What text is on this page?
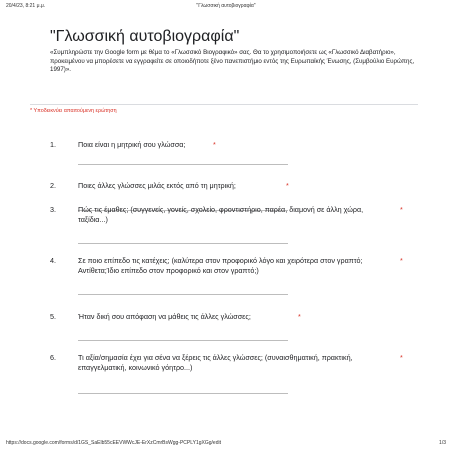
20/4/23, 8:21 μ.μ.	"Γλωσσική αυτοβιογραφία"
"Γλωσσική αυτοβιογραφία"

«Συμπληρώστε την Google form με θέμα το «Γλωσσικό Βιογραφικό» σας. Θα το χρησιμοποιήσετε ως «Γλωσσικό Διαβατήριο», προκειμένου να μπορέσετε να εγγραφείτε σε οποιοδήποτε ξένο πανεπιστήμιο εντός της Ευρωπαϊκής Ένωσης, (Συμβούλιο Ευρώπης, 1997)».

* Υποδεικνύει απαιτούμενη ερώτηση
1.	Ποια είναι η μητρική σου γλώσσα;	*
2.	Ποιες άλλες γλώσσες μιλάς εκτός από τη μητρική;	*
3.	Πώς τις έμαθες; (συγγενείς, γονείς, σχολείο, φροντιστήριο, παρέα, διαμονή σε άλλη χώρα, ταξίδια...)
*
4.	Σε ποιο επίπεδο τις κατέχεις; (καλύτερα στον προφορικό λόγο και χειρότερα στον γραπτό; Αντίθετα;Ίδιο επίπεδο στον προφορικό και στον γραπτό;)
*
5.	Ήταν δική σου απόφαση να μάθεις τις άλλες γλώσσες;	*
6.	Τι αξία/σημασία έχει για σένα να ξέρεις τις άλλες γλώσσες; (συναισθηματική, πρακτική, επαγγελματική, κοινωνικό γόητρο...)
*
https://docs.google.com/forms/d/1GS_SaElb55cEEVWWcJE-ErXzCmrBsWgg-PCPLY1gXGg/edit	1/3
